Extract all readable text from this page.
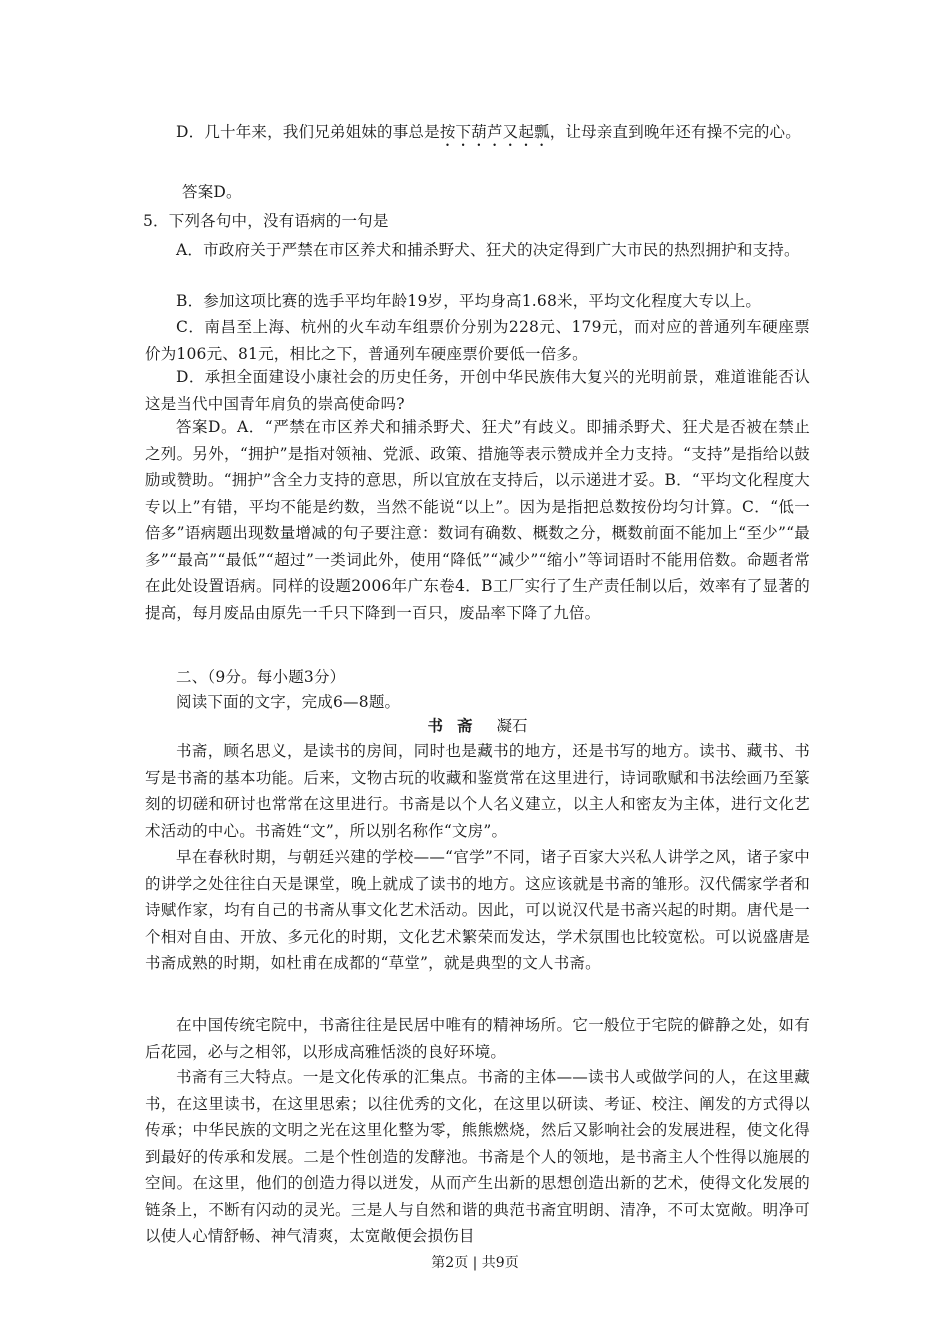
D．几十年来，我们兄弟姐妹的事总是按下葫芦又起瓢，让母亲直到晚年还有操不完的心。

答案D。

5．下列各句中，没有语病的一句是

A．市政府关于严禁在市区养犬和捕杀野犬、狂犬的决定得到广大市民的热烈拥护和支持。

B．参加这项比赛的选手平均年龄19岁，平均身高1.68米，平均文化程度大专以上。

C．南昌至上海、杭州的火车动车组票价分别为228元、179元，而对应的普通列车硬座票价为106元、81元，相比之下，普通列车硬座票价要低一倍多。

D．承担全面建设小康社会的历史任务，开创中华民族伟大复兴的光明前景，难道谁能否认这是当代中国青年肩负的崇高使命吗?

答案D。A．“严禁在市区养犬和捕杀野犬、狂犬”有歧义。即捕杀野犬、狂犬是否被在禁止之列。另外，“拥护”是指对领袖、党派、政策、措施等表示赞成并全力支持。“支持”是指给以鼓励或赞助。“拥护”含全力支持的意思，所以宜放在支持后，以示递进才妥。B．“平均文化程度大专以上”有错，平均不能是约数，当然不能说“以上”。因为是指把总数按份均匀计算。C．“低一倍多”语病题出现数量增减的句子要注意：数词有确数、概数之分，概数前面不能加上“至少”“最多”“最高”“最低”“超过”一类词此外，使用“降低”“减少”“缩小”等词语时不能用倍数。命题者常在此处设置语病。同样的设题2006年广东卷4．B工厂实行了生产责任制以后，效率有了显著的提高，每月废品由原先一千只下降到一百只，废品率下降了九倍。

二、（9分。每小题3分）

阅读下面的文字，完成6—8题。

书斋 凝石

书斋，顾名思义，是读书的房间，同时也是藏书的地方，还是书写的地方。读书、藏书、书写是书斋的基本功能。后来，文物古玩的收藏和鉴赏常在这里进行，诗词歌赋和书法绘画乃至篆刻的切磋和研讨也常常在这里进行。书斋是以个人名义建立，以主人和密友为主体，进行文化艺术活动的中心。书斋姓“文”，所以别名称作“文房”。

早在春秋时期，与朝廷兴建的学校——“官学”不同，诸子百家大兴私人讲学之风，诸子家中的讲学之处往往白天是课堂，晚上就成了读书的地方。这应该就是书斋的雏形。汉代儒家学者和诗赋作家，均有自己的书斋从事文化艺术活动。因此，可以说汉代是书斋兴起的时期。唐代是一个相对自由、开放、多元化的时期，文化艺术繁荣而发达，学术氛围也比较宽松。可以说盛唐是书斋成熟的时期，如杜甫在成都的“草堂”，就是典型的文人书斋。

在中国传统宅院中，书斋往往是民居中唯有的精神场所。它一般位于宅院的僻静之处，如有后花园，必与之相邻，以形成高雅恬淡的良好环境。

书斋有三大特点。一是文化传承的汇集点。书斋的主体——读书人或做学问的人，在这里藏书，在这里读书，在这里思索；以往优秀的文化，在这里以研读、考证、校注、阐发的方式得以传承；中华民族的文明之光在这里化整为零，熊熊燃烧，然后又影响社会的发展进程，使文化得到最好的传承和发展。二是个性创造的发酵池。书斋是个人的领地，是书斋主人个性得以施展的空间。在这里，他们的创造力得以迸发，从而产生出新的思想创造出新的艺术，使得文化发展的链条上，不断有闪动的灵光。三是人与自然和谐的典范书斋宜明朗、清净，不可太宽敞。明净可以使人心情舒畅、神气清爽，太宽敞便会损伤目

第2页 | 共9页
